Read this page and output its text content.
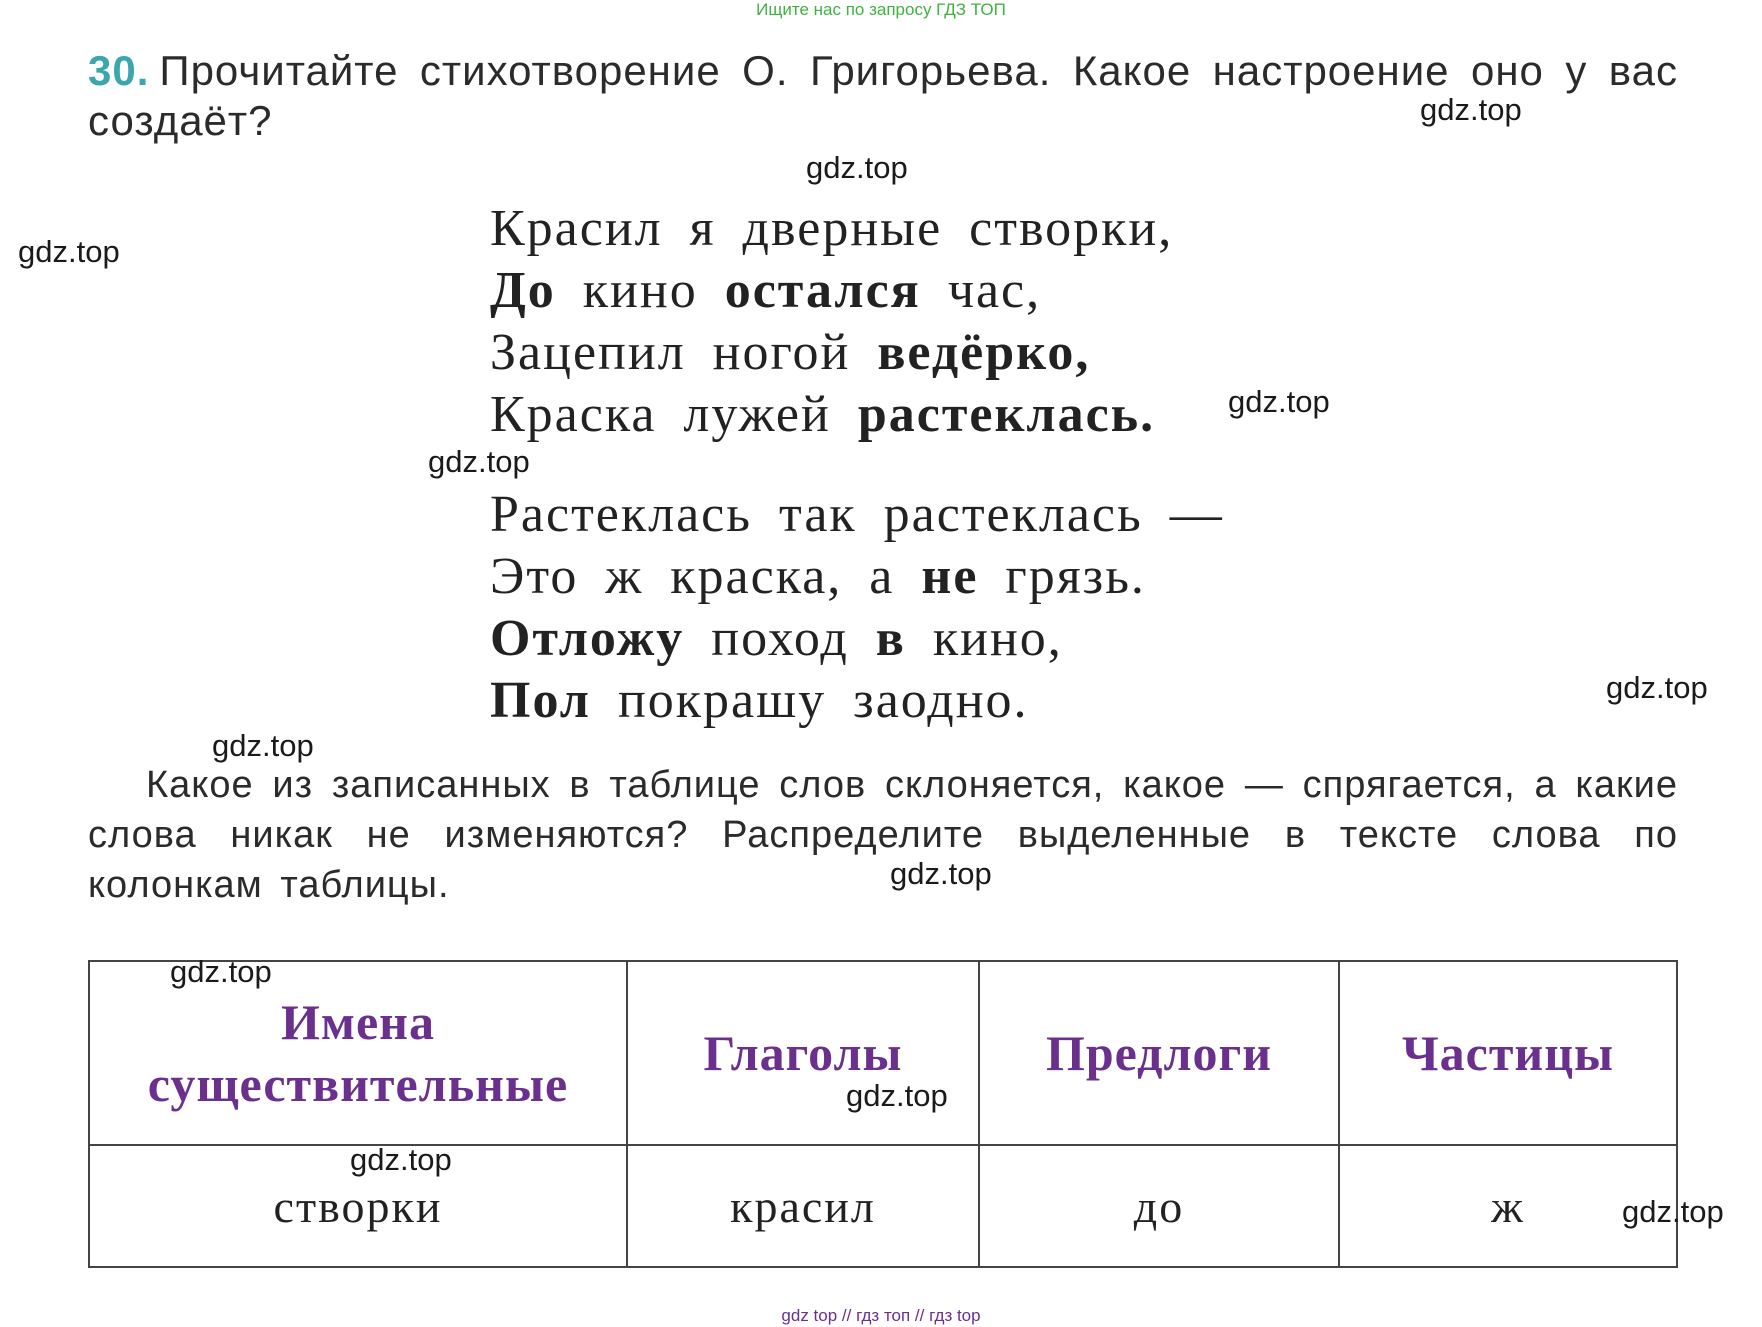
Ищите нас по запросу ГДЗ ТОП
30. Прочитайте стихотворение О. Григорьева. Какое настроение оно у вас создаёт?
Красил я дверные створки,
До кино остался час,
Зацепил ногой ведёрко,
Краска лужей растеклась.
Растеклась так растеклась —
Это ж краска, а не грязь.
Отложу поход в кино,
Пол покрашу заодно.
Какое из записанных в таблице слов склоняется, какое — спрягается, а какие слова никак не изменяются? Распределите выделенные в тексте слова по колонкам таблицы.
Имена
существительные	Глаголы	Предлоги	Частицы

створки	красил	до	ж
gdz.top
gdz.top
gdz.top
gdz.top
gdz.top
gdz.top
gdz.top
gdz.top
gdz.top
gdz.top
gdz.top
gdz.top
gdz top // гдз топ // гдз top
